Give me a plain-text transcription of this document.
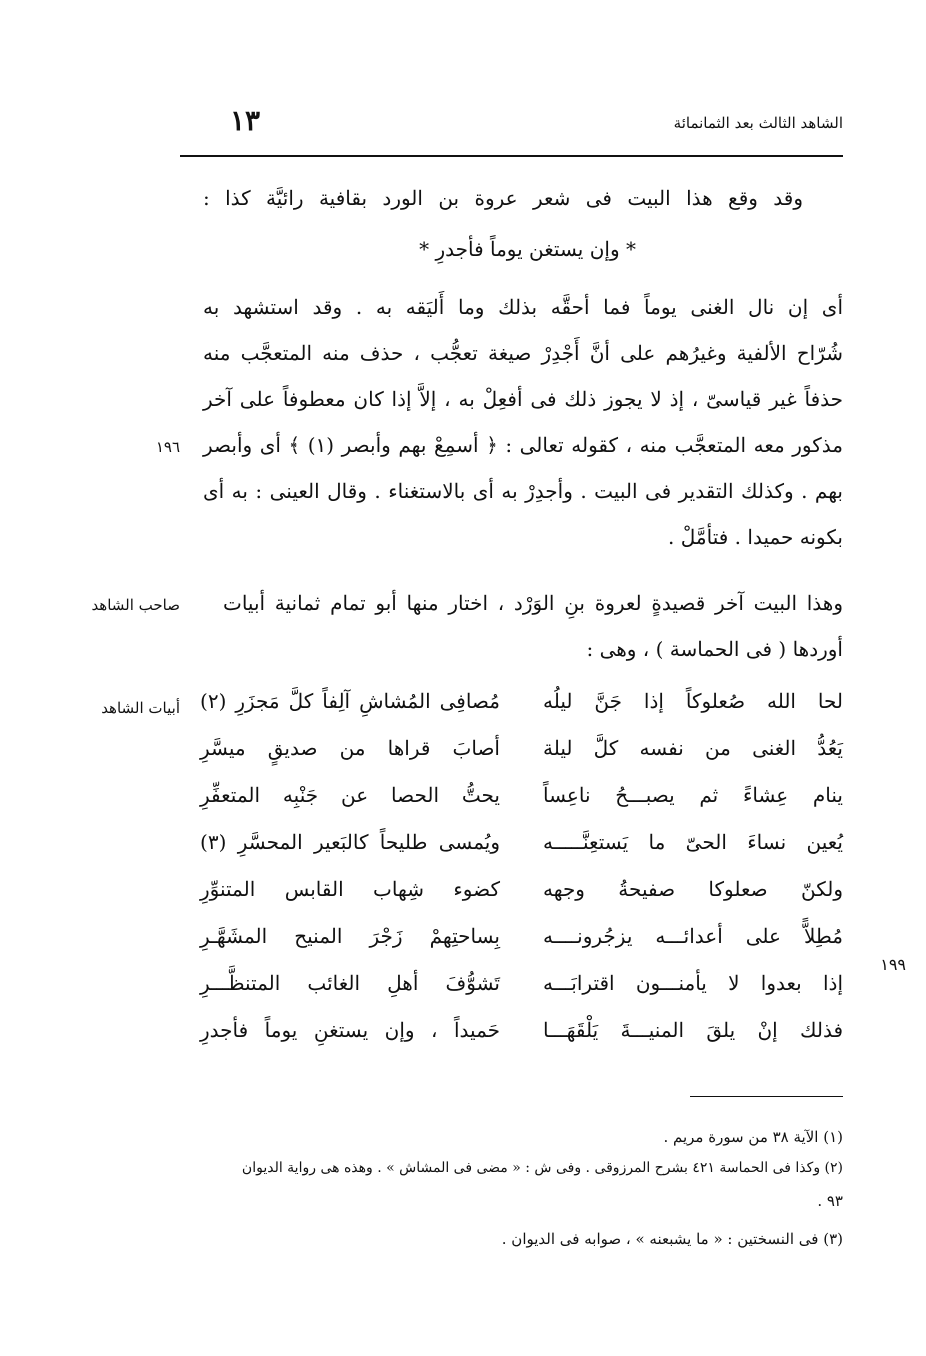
الشاهد الثالث بعد الثمانمائة
١٣
وقد وقع هذا البيت فى شعر عروة بن الورد بقافية رائيَّة كذا :
* وإن يستغن يوماً فأجدرِ *
أى إن نال الغنى يوماً فما أحقَّه بذلك وما أَليَقه به . وقد استشهد به
شُرّاح الألفية وغيرُهم على أنَّ أَجْدِرْ صيغة تعجُّب ، حذف منه المتعجَّب منه
حذفاً غير قياسىّ ، إذ لا يجوز ذلك فى أفعِلْ به ، إلاَّ إذا كان معطوفاً على آخر
مذكور معه المتعجَّب منه ، كقوله تعالى : ﴿ أسمِعْ بهم وأبصر (١) ﴾ أى وأبصر
بهم . وكذلك التقدير فى البيت . وأجدِرْ به أى بالاستغناء . وقال العينى : به أى
بكونه حميدا . فتأمَّلْ .
١٩٦
وهذا البيت آخر قصيدةٍ لعروة بنِ الوَرْد ، اختار منها أبو تمام ثمانية أبيات
أوردها ( فى الحماسة ) ، وهى :
صاحب الشاهد
أبيات الشاهد	لحا الله صُعلوكاً إذا جَنَّ ليلُه
مُصافِى المُشاشِ آلِفاً كلَّ مَجزَرِ (٢)
يَعُدُّ الغنى من نفسه كلَّ ليلة
أصابَ قراها من صديقٍ ميسَّرِ
ينام عِشاءً ثم يصبـــحُ ناعِساً
يحتُّ الحصا عن جَنْبِه المتعفِّرِ
يُعين نساءَ الحىّ ما يَستعِنَّـــــه
ويُمسى طليحاً كالبَعير المحسَّرِ (٣)
ولكنّ صعلوكا صفيحةُ وجهه
كضوء شِهاب القابس المتنوِّرِ
مُطِلاًّ على أعدائـــه يزجُرونــــه
بِساحتِهمْ زَجْرَ المنيح المشَهَّـرِ
إذا بعدوا لا يأمنـــون اقترابَـــه
تَشوُّفَ أهلِ الغائب المتنظَّـــرِ
فذلك إنْ يلقَ المنيـــةَ يَلْقَهَـــا
حَميداً ، وإن يستغنِ يوماً فأجدرِ
١٩٩
(١) الآية ٣٨ من سورة مريم .
(٢) وكذا فى الحماسة ٤٢١ بشرح المرزوقى . وفى ش : « مضى فى المشاش » . وهذه هى رواية الديوان
٩٣ .
(٣) فى النسختين : « ما يشبعنه » ، صوابه فى الديوان .
